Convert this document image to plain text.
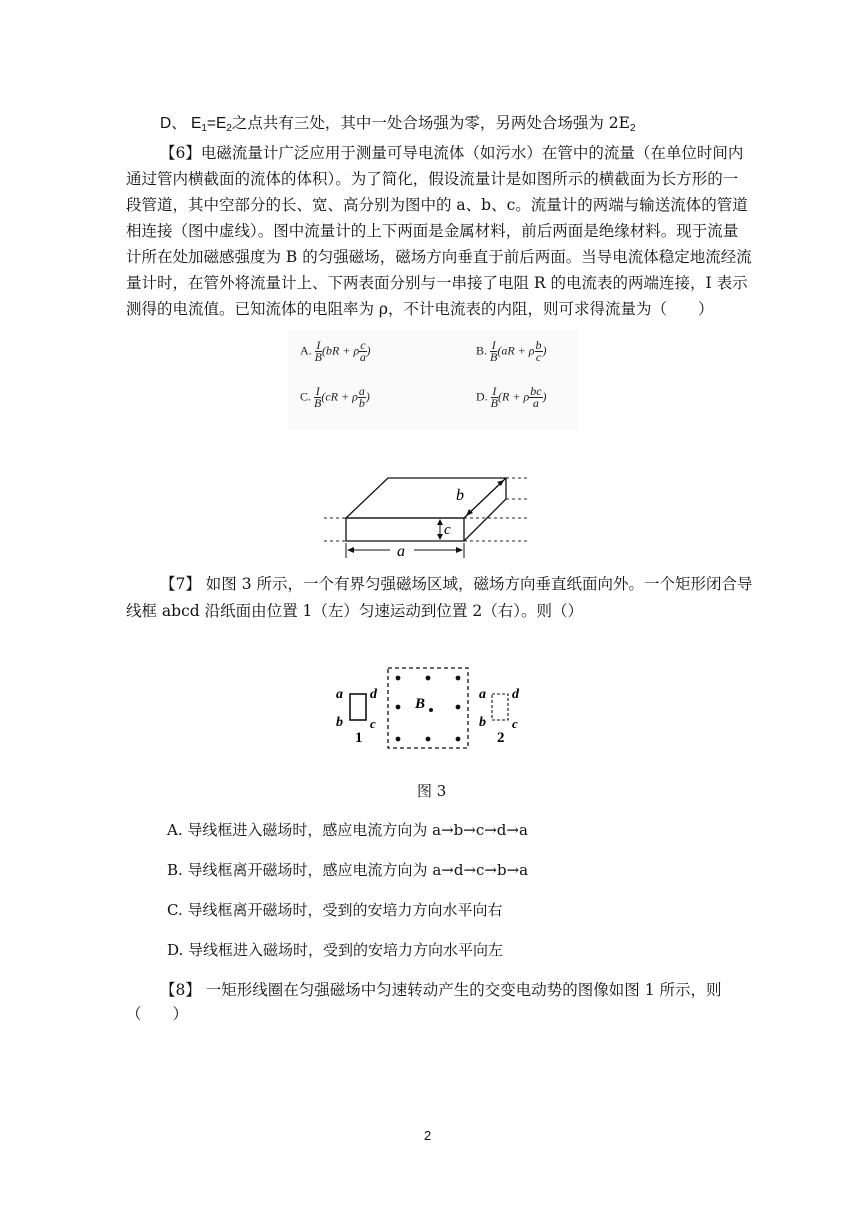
D、 $E_1=E_2$之点共有三处，其中一处合场强为零，另两处合场强为 $2E_2$
【6】电磁流量计广泛应用于测量可导电流体（如污水）在管中的流量（在单位时间内
通过管内横截面的流体的体积）。为了简化，假设流量计是如图所示的横截面为长方形的一
段管道，其中空部分的长、宽、高分别为图中的 a、b、c。流量计的两端与输送流体的管道
相连接（图中虚线）。图中流量计的上下两面是金属材料，前后两面是绝缘材料。现于流量
计所在处加磁感强度为 B 的匀强磁场，磁场方向垂直于前后两面。当导电流体稳定地流经流
量计时，在管外将流量计上、下两表面分别与一串接了电阻 R 的电流表的两端连接，I 表示
测得的电流值。已知流体的电阻率为 ρ，不计电流表的内阻，则可求得流量为（　　）
A. $\frac{I}{B} (bR + \rho \frac{c}{a}$ )	B. $\frac{I}{B} (aR + \rho \frac{b}{c}$ )
C. $\frac{I}{B} (cR + \rho \frac{a}{b}$ )	D. $\frac{I}{B} (R + \rho \frac{bc}{a}$ )
b
c
a
【7】 如图 3 所示，一个有界匀强磁场区域，磁场方向垂直纸面向外。一个矩形闭合导
线框 abcd 沿纸面由位置 1（左）匀速运动到位置 2（右）。则（）
a d
b c
1
B
a d
b c
2
图 3
A. 导线框进入磁场时，感应电流方向为 a→b→c→d→a
B. 导线框离开磁场时，感应电流方向为 a→d→c→b→a
C. 导线框离开磁场时，受到的安培力方向水平向右
D. 导线框进入磁场时，受到的安培力方向水平向左
【8】 一矩形线圈在匀强磁场中匀速转动产生的交变电动势的图像如图 1 所示，则
（　　）
2
